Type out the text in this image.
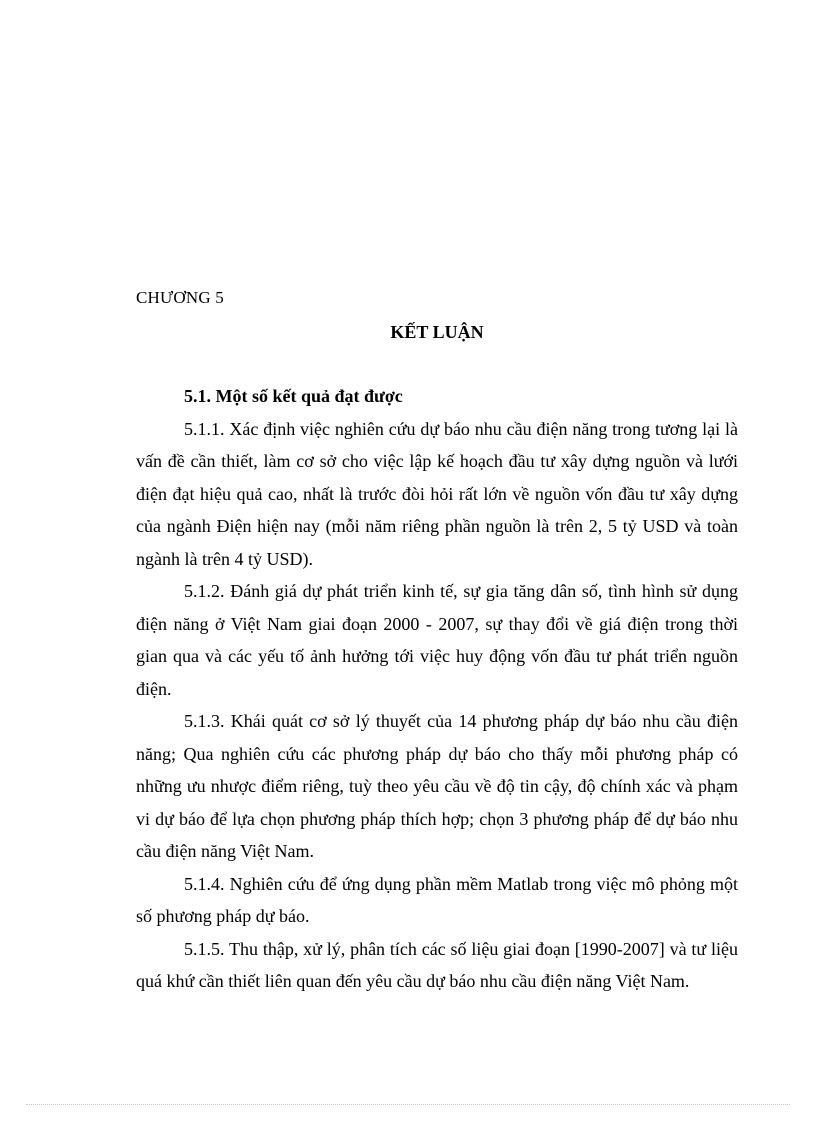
CHƯƠNG 5
KẾT LUẬN

5.1. Một số kết quả đạt được

5.1.1. Xác định việc nghiên cứu dự báo nhu cầu điện năng trong tương lại là vấn đề cần thiết, làm cơ sở cho việc lập kế hoạch đầu tư xây dựng nguồn và lưới điện đạt hiệu quả cao, nhất là trước đòi hỏi rất lớn về nguồn vốn đầu tư xây dựng của ngành Điện hiện nay (mỗi năm riêng phần nguồn là trên 2, 5 tỷ USD và toàn ngành là trên 4 tỷ USD).

5.1.2. Đánh giá dự phát triển kinh tế, sự gia tăng dân số, tình hình sử dụng điện năng ở Việt Nam giai đoạn 2000 - 2007, sự thay đổi về giá điện trong thời gian qua và các yếu tố ảnh hưởng tới việc huy động vốn đầu tư phát triển nguồn điện.

5.1.3. Khái quát cơ sở lý thuyết của 14 phương pháp dự báo nhu cầu điện năng; Qua nghiên cứu các phương pháp dự báo cho thấy mỗi phương pháp có những ưu nhược điểm riêng, tuỳ theo yêu cầu về độ tin cậy, độ chính xác và phạm vi dự báo để lựa chọn phương pháp thích hợp; chọn 3 phương pháp để dự báo nhu cầu điện năng Việt Nam.

5.1.4. Nghiên cứu để ứng dụng phần mềm Matlab trong việc mô phỏng một số phương pháp dự báo.

5.1.5. Thu thập, xử lý, phân tích các số liệu giai đoạn [1990-2007] và tư liệu quá khứ cần thiết liên quan đến yêu cầu dự báo nhu cầu điện năng Việt Nam.
